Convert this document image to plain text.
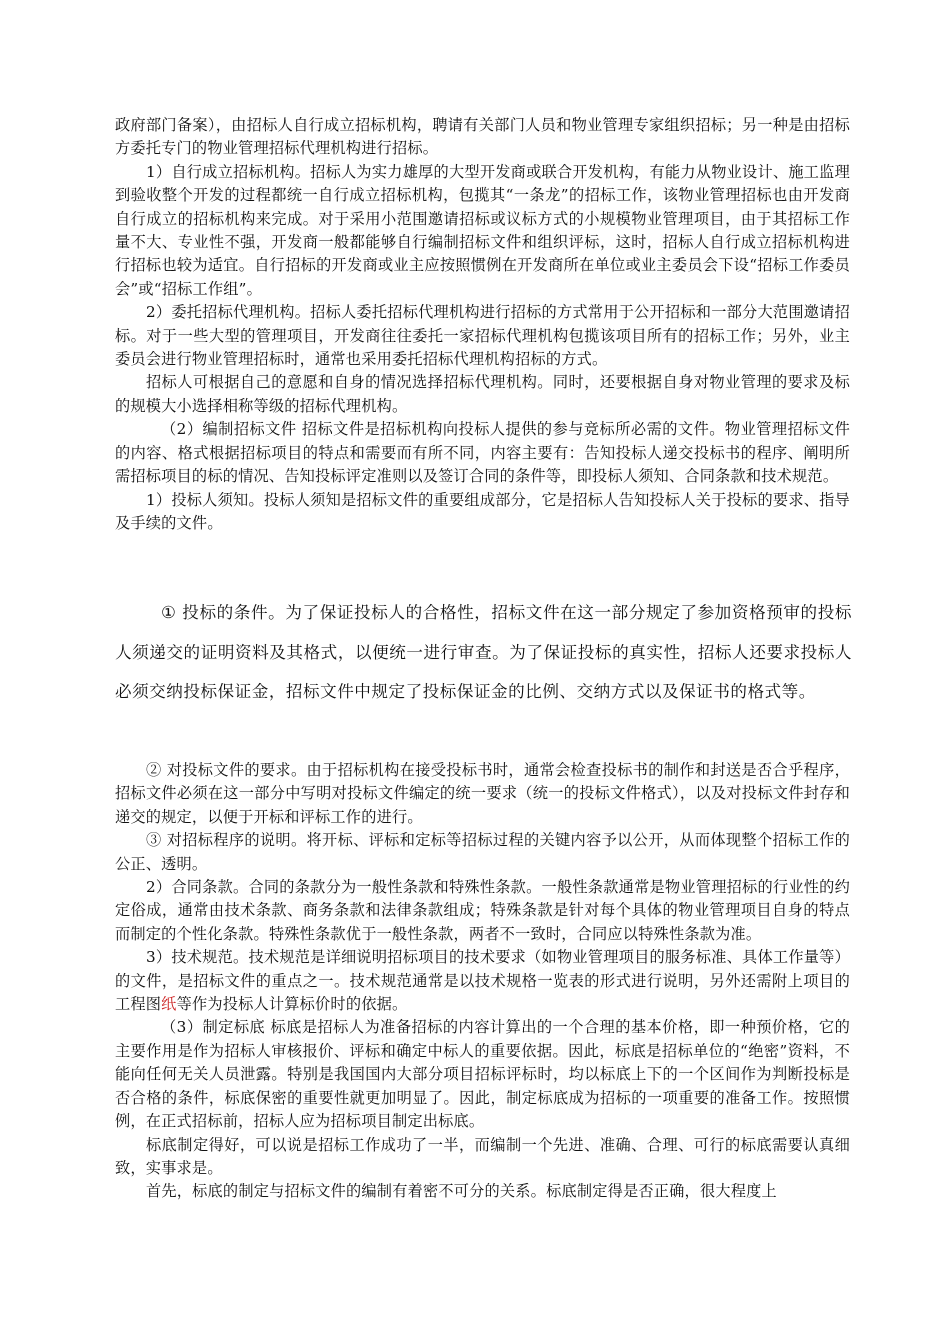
政府部门备案），由招标人自行成立招标机构，聘请有关部门人员和物业管理专家组织招标；另一种是由招标方委托专门的物业管理招标代理机构进行招标。

1）自行成立招标机构。招标人为实力雄厚的大型开发商或联合开发机构，有能力从物业设计、施工监理到验收整个开发的过程都统一自行成立招标机构，包揽其“一条龙”的招标工作，该物业管理招标也由开发商自行成立的招标机构来完成。对于采用小范围邀请招标或议标方式的小规模物业管理项目，由于其招标工作量不大、专业性不强，开发商一般都能够自行编制招标文件和组织评标，这时，招标人自行成立招标机构进行招标也较为适宜。自行招标的开发商或业主应按照惯例在开发商所在单位或业主委员会下设“招标工作委员会”或“招标工作组”。

2）委托招标代理机构。招标人委托招标代理机构进行招标的方式常用于公开招标和一部分大范围邀请招标。对于一些大型的管理项目，开发商往往委托一家招标代理机构包揽该项目所有的招标工作；另外，业主委员会进行物业管理招标时，通常也采用委托招标代理机构招标的方式。

招标人可根据自己的意愿和自身的情况选择招标代理机构。同时，还要根据自身对物业管理的要求及标的规模大小选择相称等级的招标代理机构。

（2）编制招标文件 招标文件是招标机构向投标人提供的参与竞标所必需的文件。物业管理招标文件的内容、格式根据招标项目的特点和需要而有所不同，内容主要有：告知投标人递交投标书的程序、阐明所需招标项目的标的情况、告知投标评定准则以及签订合同的条件等，即投标人须知、合同条款和技术规范。

1）投标人须知。投标人须知是招标文件的重要组成部分，它是招标人告知投标人关于投标的要求、指导及手续的文件。

① 投标的条件。为了保证投标人的合格性，招标文件在这一部分规定了参加资格预审的投标人须递交的证明资料及其格式，以便统一进行审查。为了保证投标的真实性，招标人还要求投标人必须交纳投标保证金，招标文件中规定了投标保证金的比例、交纳方式以及保证书的格式等。

② 对投标文件的要求。由于招标机构在接受投标书时，通常会检查投标书的制作和封送是否合乎程序，招标文件必须在这一部分中写明对投标文件编定的统一要求（统一的投标文件格式），以及对投标文件封存和递交的规定，以便于开标和评标工作的进行。

③ 对招标程序的说明。将开标、评标和定标等招标过程的关键内容予以公开，从而体现整个招标工作的公正、透明。

2）合同条款。合同的条款分为一般性条款和特殊性条款。一般性条款通常是物业管理招标的行业性的约定俗成，通常由技术条款、商务条款和法律条款组成；特殊条款是针对每个具体的物业管理项目自身的特点而制定的个性化条款。特殊性条款优于一般性条款，两者不一致时，合同应以特殊性条款为准。

3）技术规范。技术规范是详细说明招标项目的技术要求（如物业管理项目的服务标准、具体工作量等）的文件，是招标文件的重点之一。技术规范通常是以技术规格一览表的形式进行说明，另外还需附上项目的工程图纸等作为投标人计算标价时的依据。

（3）制定标底 标底是招标人为准备招标的内容计算出的一个合理的基本价格，即一种预价格，它的主要作用是作为招标人审核报价、评标和确定中标人的重要依据。因此，标底是招标单位的“绝密”资料，不能向任何无关人员泄露。特别是我国国内大部分项目招标评标时，均以标底上下的一个区间作为判断投标是否合格的条件，标底保密的重要性就更加明显了。因此，制定标底成为招标的一项重要的准备工作。按照惯例，在正式招标前，招标人应为招标项目制定出标底。

标底制定得好，可以说是招标工作成功了一半，而编制一个先进、准确、合理、可行的标底需要认真细致，实事求是。

首先，标底的制定与招标文件的编制有着密不可分的关系。标底制定得是否正确，很大程度上
